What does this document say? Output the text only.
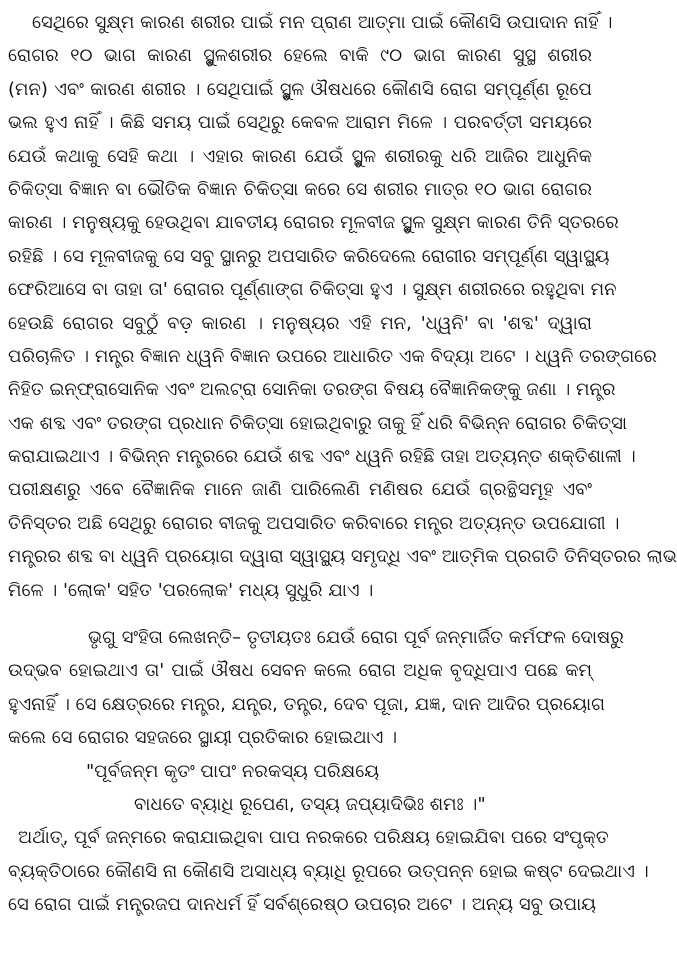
ସେଥିରେ ସୁକ୍ଷ୍ମ କାରଣ ଶରୀର ପାଇଁ ମନ ପ୍ରାଣ ଆତ୍ମା ପାଇଁ କୌଣସି ଉପାଦାନ ନାହିଁ ।
ରୋଗର ୧୦ ଭାଗ କାରଣ ସ୍ଥୁଳଶରୀର ହେଲେ ବାକି ୯୦ ଭାଗ କାରଣ ସୁସ୍ଥ ଶରୀର
(ମନ) ଏବଂ କାରଣ ଶରୀର । ସେଥିପାଇଁ ସ୍ଥୁଳ ଔଷଧରେ କୌଣସି ରୋଗ ସମ୍ପୂର୍ଣ୍ଣ ରୂପେ
ଭଲ ହୁଏ ନାହିଁ । କିଛି ସମୟ ପାଇଁ ସେଥିରୁ କେବଳ ଆରାମ ମିଳେ । ପରବର୍ତ୍ତୀ ସମୟରେ
ଯେଉଁ କଥାକୁ ସେହି କଥା । ଏହାର କାରଣ ଯେଉଁ ସ୍ଥୁଳ ଶରୀରକୁ ଧରି ଆଜିର ଆଧୁନିକ
ଚିକିତ୍ସା ବିଜ୍ଞାନ ବା ଭୌତିକ ବିଜ୍ଞାନ ଚିକିତ୍ସା କରେ ସେ ଶରୀର ମାତ୍ର ୧୦ ଭାଗ ରୋଗର
କାରଣ । ମନୁଷ୍ୟକୁ ହେଉଥିବା ଯାବତୀୟ ରୋଗର ମୂଳବୀଜ ସ୍ଥୁଳ ସୁକ୍ଷ୍ମ କାରଣ ତିନି ସ୍ତରରେ
ରହିଛି । ସେ ମୂଳବୀଜକୁ ସେ ସବୁ ସ୍ଥାନରୁ ଅପସାରିତ କରିଦେଲେ ରୋଗୀର ସମ୍ପୂର୍ଣ୍ଣ ସ୍ୱାସ୍ଥ୍ୟ
ଫେରିଆସେ ବା ତାହା ତା' ରୋଗର ପୂର୍ଣ୍ଣାଙ୍ଗ ଚିକିତ୍ସା ହୁଏ । ସୁକ୍ଷ୍ମ ଶରୀରରେ ରହୁଥିବା ମନ
ହେଉଛି ରୋଗର ସବୁଠୁଁ ବଡ଼ କାରଣ । ମନୁଷ୍ୟର ଏହି ମନ, 'ଧ୍ୱନି' ବା 'ଶବ୍ଦ' ଦ୍ୱାରା
ପରିଚାଳିତ । ମନ୍ତ୍ର ବିଜ୍ଞାନ ଧ୍ୱନି ବିଜ୍ଞାନ ଉପରେ ଆଧାରିତ ଏକ ବିଦ୍ୟା ଅଟେ । ଧ୍ୱନି ତରଙ୍ଗରେ
ନିହିତ ଇନ୍‌ଫ୍ରାସୋନିକ ଏବଂ ଅଲଟ୍ରା ସୋନିକା ତରଙ୍ଗ ବିଷୟ ବୈଜ୍ଞାନିକଙ୍କୁ ଜଣା । ମନ୍ତ୍ର
ଏକ ଶବ୍ଦ ଏବଂ ତରଙ୍ଗ ପ୍ରଧାନ ଚିକିତ୍ସା ହୋଇଥିବାରୁ ତାକୁ ହିଁ ଧରି ବିଭିନ୍ନ ରୋଗର ଚିକିତ୍ସା
କରାଯାଇଥାଏ । ବିଭିନ୍ନ ମନ୍ତ୍ରରେ ଯେଉଁ ଶବ୍ଦ ଏବଂ ଧ୍ୱନି ରହିଛି ତାହା ଅତ୍ୟନ୍ତ ଶକ୍ତିଶାଳୀ ।
ପରୀକ୍ଷଣରୁ ଏବେ ବୈଜ୍ଞାନିକ ମାନେ ଜାଣି ପାରିଲେଣି ମଣିଷର ଯେଉଁ ଗ୍ରନ୍ଥିସମୂହ ଏବଂ
ତିନିସ୍ତର ଅଛି ସେଥିରୁ ରୋଗର ବୀଜକୁ ଅପସାରିତ କରିବାରେ ମନ୍ତ୍ର ଅତ୍ୟନ୍ତ ଉପଯୋଗୀ ।
ମନ୍ତ୍ରର ଶବ୍ଦ ବା ଧ୍ୱନି ପ୍ରୟୋଗ ଦ୍ୱାରା ସ୍ୱାସ୍ଥ୍ୟ ସମୃଦ୍ଧି ଏବଂ ଆତ୍ମିକ ପ୍ରଗତି ତିନିସ୍ତରର ଲାଭ
ମିଳେ । 'ଲୋକ' ସହିତ 'ପରଲୋକ' ମଧ୍ୟ ସୁଧୁରି ଯାଏ ।
ଭୃଗୁ ସଂହିତା ଲେଖନ୍ତି– ତୃତୀୟତଃ ଯେଉଁ ରୋଗ ପୂର୍ବ ଜନ୍ମାର୍ଜିତ କର୍ମଫଳ ଦୋଷରୁ
ଉଦ୍ଭବ ହୋଇଥାଏ ତା' ପାଇଁ ଔଷଧ ସେବନ କଲେ ରୋଗ ଅଧିକ ବୃଦ୍ଧିପାଏ ପଛେ କମ୍
ହୁଏନାହିଁ । ସେ କ୍ଷେତ୍ରରେ ମନ୍ତ୍ର, ଯନ୍ତ୍ର, ତନ୍ତ୍ର, ଦେବ ପୂଜା, ଯଜ୍ଞ, ଦାନ ଆଦିର ପ୍ରୟୋଗ
କଲେ ସେ ରୋଗର ସହଜରେ ସ୍ଥାୟୀ ପ୍ରତିକାର ହୋଇଥାଏ ।
"ପୂର୍ବଜନ୍ମ କୃତଂ ପାପଂ ନରକସ୍ୟ ପରିକ୍ଷୟେ
ବାଧତେ ବ୍ୟାଧି ରୂପେଣ, ତସ୍ୟ ଜପ୍ୟାଦିଭିଃ ଶମଃ ।"
ଅର୍ଥାତ୍, ପୂର୍ବ ଜନ୍ମରେ କରାଯାଇଥିବା ପାପ ନରକରେ ପରିକ୍ଷୟ ହୋଇଯିବା ପରେ ସଂପୃକ୍ତ
ବ୍ୟକ୍ତିଠାରେ କୌଣସି ନା କୌଣସି ଅସାଧ୍ୟ ବ୍ୟାଧି ରୂପରେ ଉତ୍ପନ୍ନ ହୋଇ କଷ୍ଟ ଦେଇଥାଏ ।
ସେ ରୋଗ ପାଇଁ ମନ୍ତ୍ରଜପ ଦାନଧର୍ମ ହିଁ ସର୍ବଶ୍ରେଷ୍ଠ ଉପଚାର ଅଟେ । ଅନ୍ୟ ସବୁ ଉପାୟ
